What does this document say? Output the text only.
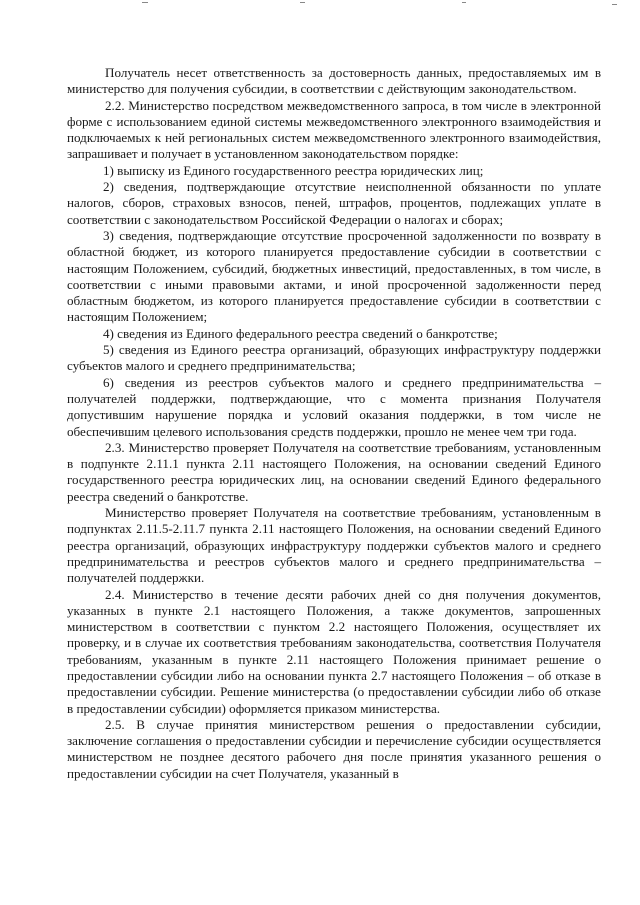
Получатель несет ответственность за достоверность данных, предоставляемых им в министерство для получения субсидии, в соответствии с действующим законодательством.

2.2. Министерство посредством межведомственного запроса, в том числе в электронной форме с использованием единой системы межведомственного электронного взаимодействия и подключаемых к ней региональных систем межведомственного электронного взаимодействия, запрашивает и получает в установленном законодательством порядке:

1) выписку из Единого государственного реестра юридических лиц;

2) сведения, подтверждающие отсутствие неисполненной обязанности по уплате налогов, сборов, страховых взносов, пеней, штрафов, процентов, подлежащих уплате в соответствии с законодательством Российской Федерации о налогах и сборах;

3) сведения, подтверждающие отсутствие просроченной задолженности по возврату в областной бюджет, из которого планируется предоставление субсидии в соответствии с настоящим Положением, субсидий, бюджетных инвестиций, предоставленных, в том числе, в соответствии с иными правовыми актами, и иной просроченной задолженности перед областным бюджетом, из которого планируется предоставление субсидии в соответствии с настоящим Положением;

4) сведения из Единого федерального реестра сведений о банкротстве;

5) сведения из Единого реестра организаций, образующих инфраструктуру поддержки субъектов малого и среднего предпринимательства;

6) сведения из реестров субъектов малого и среднего предпринимательства – получателей поддержки, подтверждающие, что с момента признания Получателя допустившим нарушение порядка и условий оказания поддержки, в том числе не обеспечившим целевого использования средств поддержки, прошло не менее чем три года.

2.3. Министерство проверяет Получателя на соответствие требованиям, установленным в подпункте 2.11.1 пункта 2.11 настоящего Положения, на основании сведений Единого государственного реестра юридических лиц, на основании сведений Единого федерального реестра сведений о банкротстве.

Министерство проверяет Получателя на соответствие требованиям, установленным в подпунктах 2.11.5-2.11.7 пункта 2.11 настоящего Положения, на основании сведений Единого реестра организаций, образующих инфраструктуру поддержки субъектов малого и среднего предпринимательства и реестров субъектов малого и среднего предпринимательства – получателей поддержки.

2.4. Министерство в течение десяти рабочих дней со дня получения документов, указанных в пункте 2.1 настоящего Положения, а также документов, запрошенных министерством в соответствии с пунктом 2.2 настоящего Положения, осуществляет их проверку, и в случае их соответствия требованиям законодательства, соответствия Получателя требованиям, указанным в пункте 2.11 настоящего Положения принимает решение о предоставлении субсидии либо на основании пункта 2.7 настоящего Положения – об отказе в предоставлении субсидии. Решение министерства (о предоставлении субсидии либо об отказе в предоставлении субсидии) оформляется приказом министерства.

2.5. В случае принятия министерством решения о предоставлении субсидии, заключение соглашения о предоставлении субсидии и перечисление субсидии осуществляется министерством не позднее десятого рабочего дня после принятия указанного решения о предоставлении субсидии на счет Получателя, указанный в
